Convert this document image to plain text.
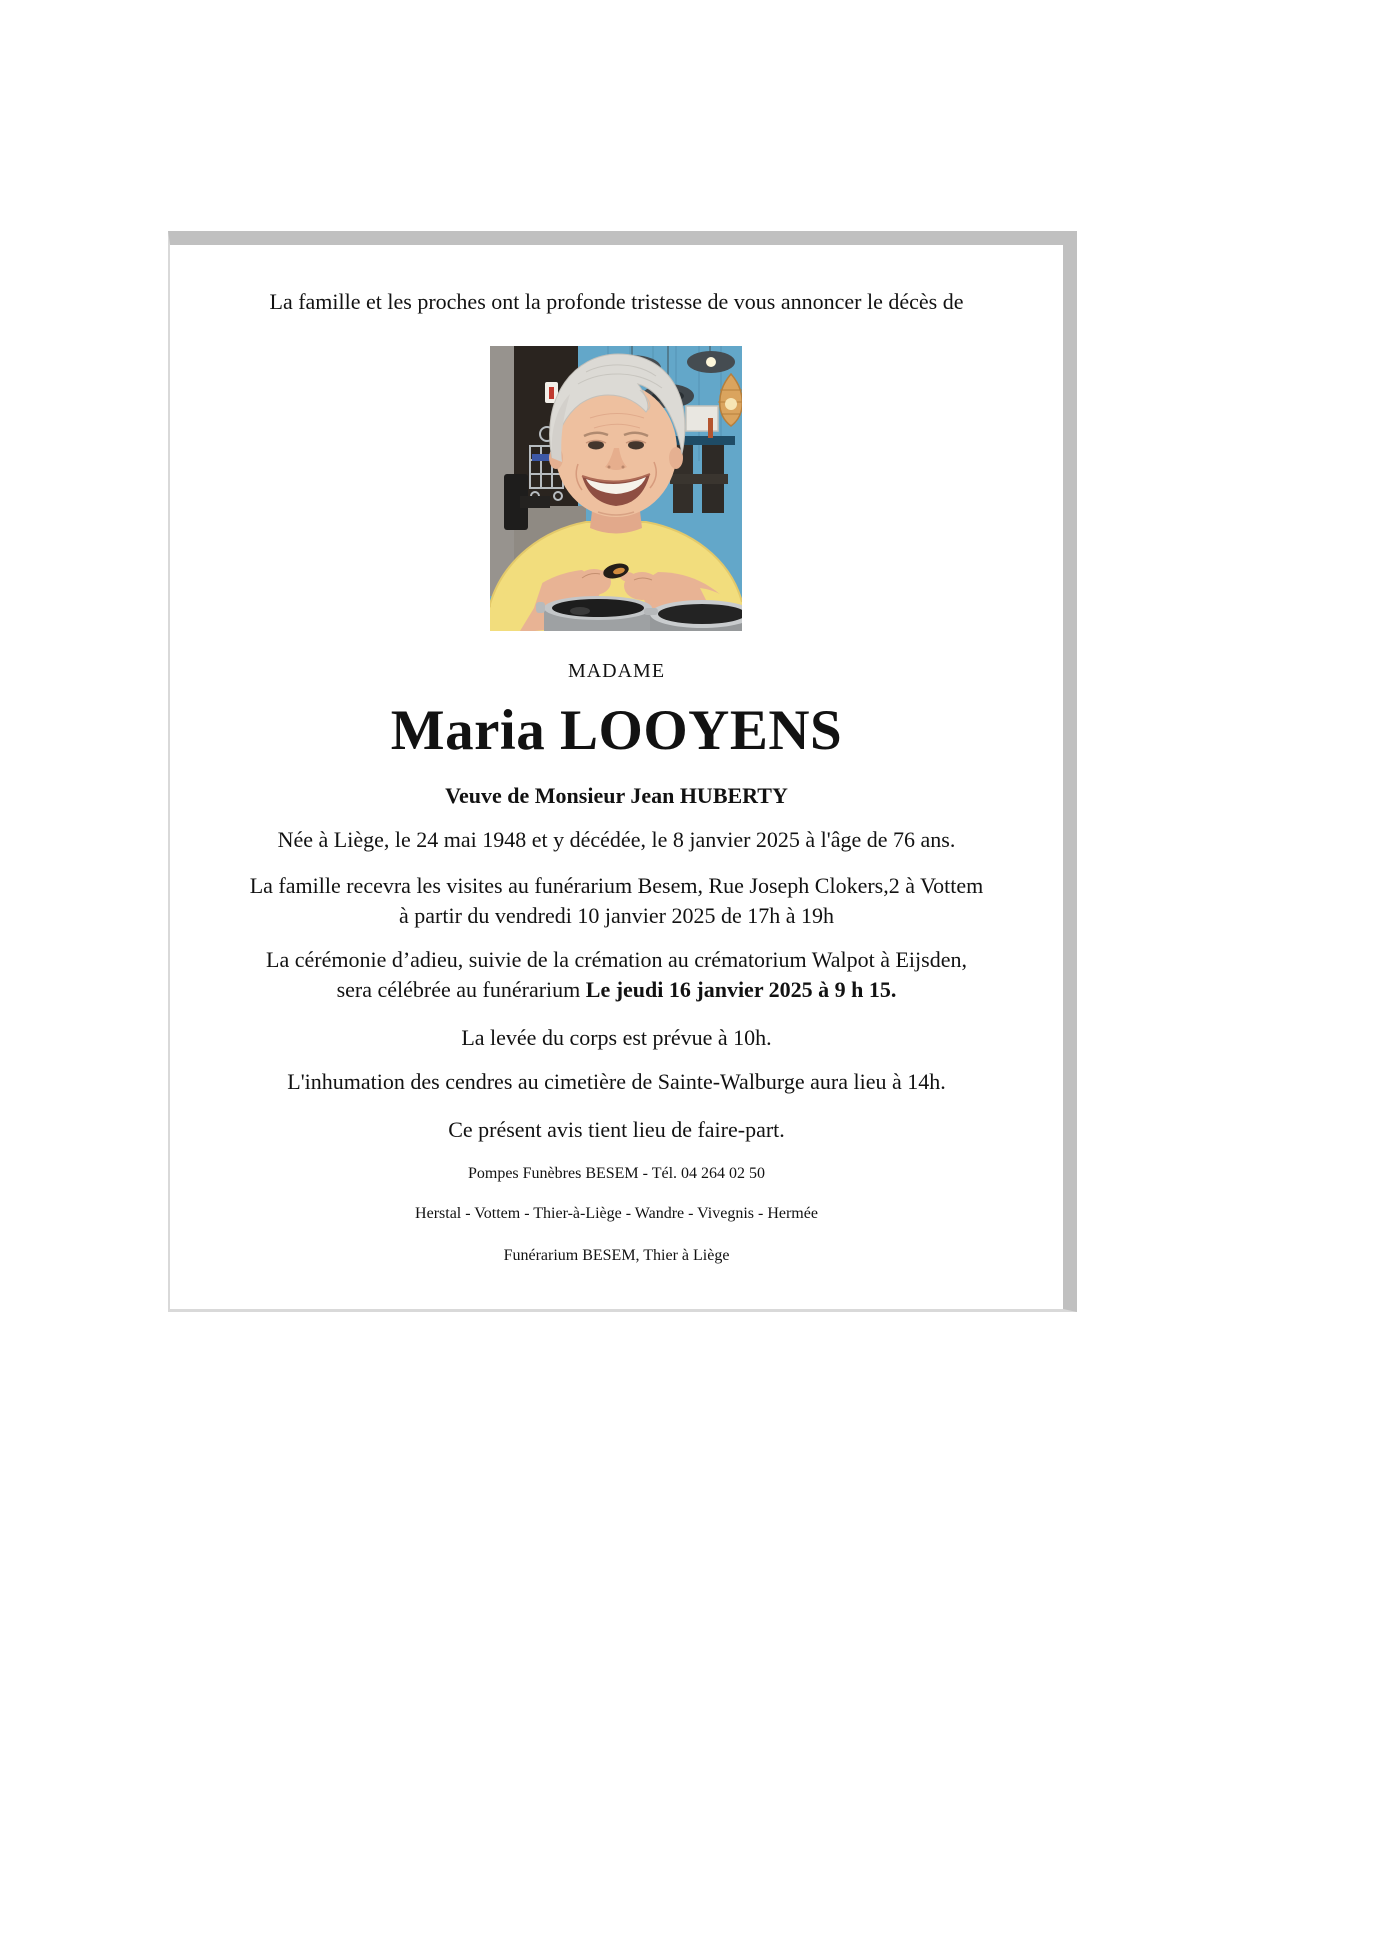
La famille et les proches ont la profonde tristesse de vous annoncer le décès de

MADAME

Maria LOOYENS

Veuve de Monsieur Jean HUBERTY

Née à Liège, le 24 mai 1948 et y décédée, le 8 janvier 2025 à l'âge de 76 ans.

La famille recevra les visites au funérarium Besem, Rue Joseph Clokers,2 à Vottem
à partir du vendredi 10 janvier 2025 de 17h à 19h

La cérémonie d’adieu, suivie de la crémation au crématorium Walpot à Eijsden,
sera célébrée au funérarium Le jeudi 16 janvier 2025 à 9 h 15.

La levée du corps est prévue à 10h.

L'inhumation des cendres au cimetière de Sainte-Walburge aura lieu à 14h.

Ce présent avis tient lieu de faire-part.

Pompes Funèbres BESEM - Tél. 04 264 02 50

Herstal - Vottem - Thier-à-Liège - Wandre - Vivegnis - Hermée

Funérarium BESEM, Thier à Liège
